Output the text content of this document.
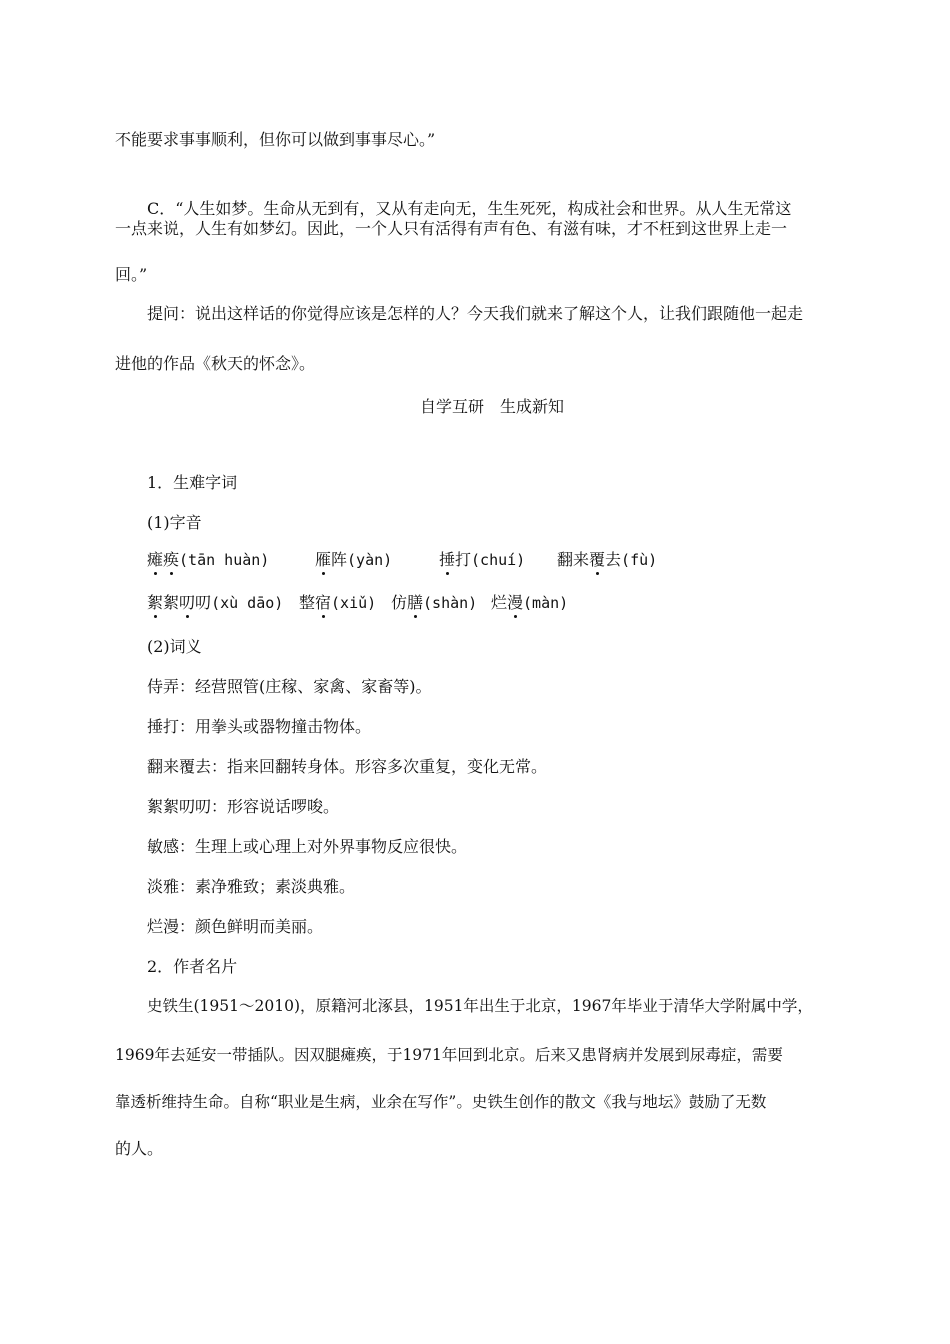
不能要求事事顺利，但你可以做到事事尽心。”
C．“人生如梦。生命从无到有，又从有走向无，生生死死，构成社会和世界。从人生无常这
一点来说，人生有如梦幻。因此，一个人只有活得有声有色、有滋有味，才不枉到这世界上走一
回。”
提问：说出这样话的你觉得应该是怎样的人？今天我们就来了解这个人，让我们跟随他一起走
进他的作品《秋天的怀念》。
自学互研　生成新知
1．生难字词
(1)字音
瘫痪(tān huàn)	雁阵(yàn)	捶打(chuí)	翻来覆去(fù)
絮絮叨叨(xù dāo) 整宿(xiǔ) 仿膳(shàn) 烂漫(màn)
(2)词义
侍弄：经营照管(庄稼、家禽、家畜等)。
捶打：用拳头或器物撞击物体。
翻来覆去：指来回翻转身体。形容多次重复，变化无常。
絮絮叨叨：形容说话啰唆。
敏感：生理上或心理上对外界事物反应很快。
淡雅：素净雅致；素淡典雅。
烂漫：颜色鲜明而美丽。
2．作者名片
史铁生(1951～2010)，原籍河北涿县，1951年出生于北京，1967年毕业于清华大学附属中学，
1969年去延安一带插队。因双腿瘫痪，于1971年回到北京。后来又患肾病并发展到尿毒症，需要
靠透析维持生命。自称“职业是生病，业余在写作”。史铁生创作的散文《我与地坛》鼓励了无数
的人。
